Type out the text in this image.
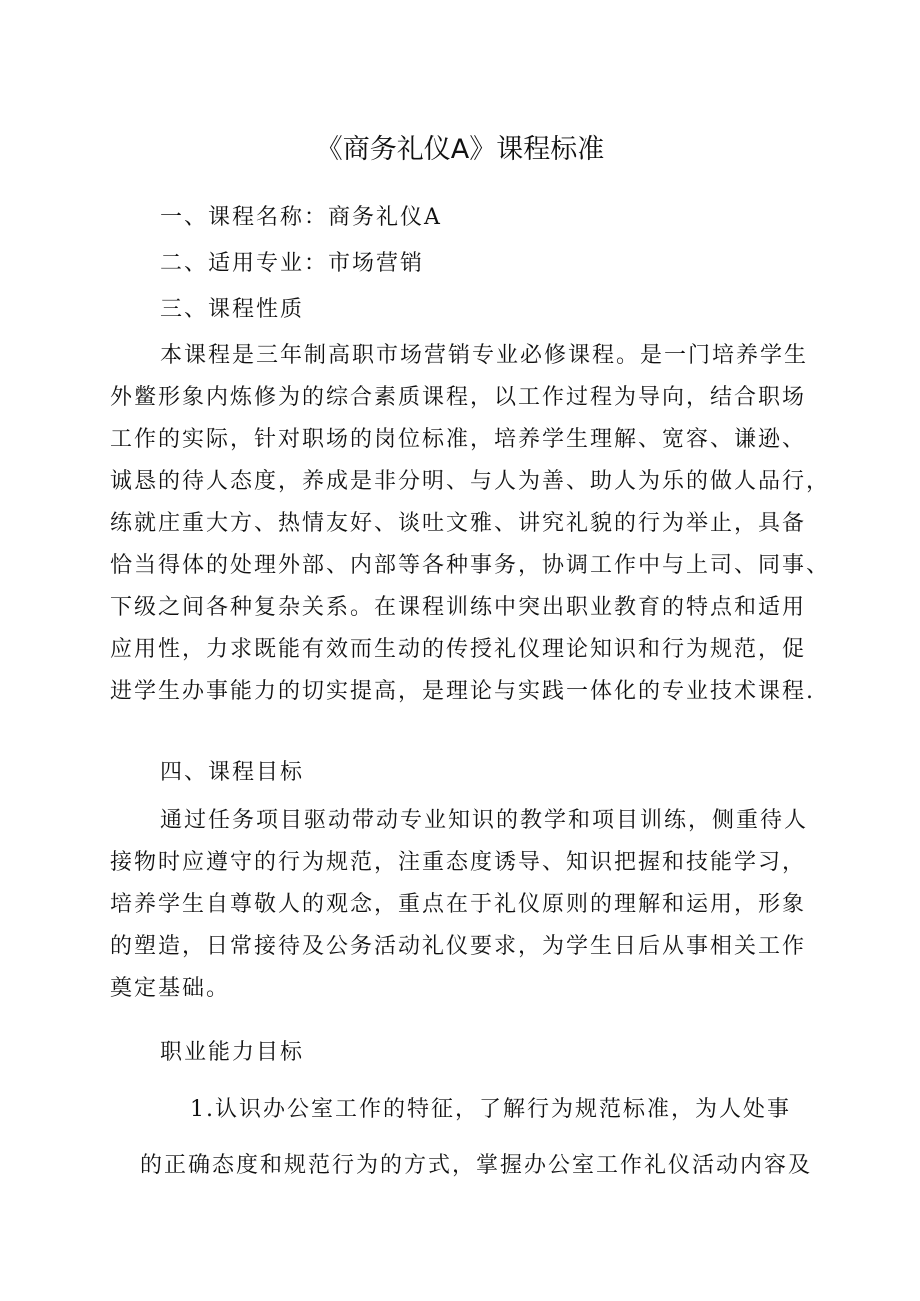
《商务礼仪A》课程标准
一、课程名称：商务礼仪A
二、适用专业：市场营销
三、课程性质
本课程是三年制高职市场营销专业必修课程。是一门培养学生
外鳖形象内炼修为的综合素质课程，以工作过程为导向，结合职场
工作的实际，针对职场的岗位标准，培养学生理解、宽容、谦逊、
诚恳的待人态度，养成是非分明、与人为善、助人为乐的做人品行，
练就庄重大方、热情友好、谈吐文雅、讲究礼貌的行为举止，具备
恰当得体的处理外部、内部等各种事务，协调工作中与上司、同事、
下级之间各种复杂关系。在课程训练中突出职业教育的特点和适用
应用性，力求既能有效而生动的传授礼仪理论知识和行为规范，促
进学生办事能力的切实提高，是理论与实践一体化的专业技术课程.
四、课程目标
通过任务项目驱动带动专业知识的教学和项目训练，侧重待人
接物时应遵守的行为规范，注重态度诱导、知识把握和技能学习，
培养学生自尊敬人的观念，重点在于礼仪原则的理解和运用，形象
的塑造，日常接待及公务活动礼仪要求，为学生日后从事相关工作
奠定基础。
职业能力目标
1.认识办公室工作的特征，了解行为规范标准，为人处事
的正确态度和规范行为的方式，掌握办公室工作礼仪活动内容及
